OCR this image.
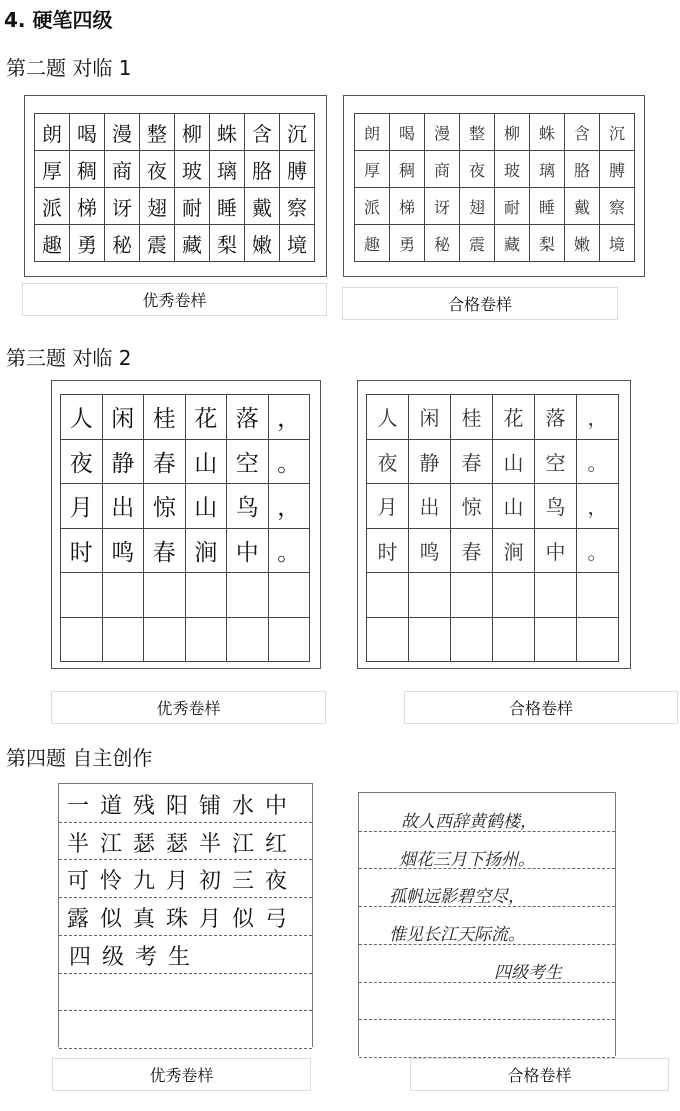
4. 硬笔四级
第二题 对临 1
朗 喝 漫 整 柳 蛛 含 沉
厚 稠 商 夜 玻 璃 胳 膊
派 梯 讶 翅 耐 睡 戴 察
趣 勇 秘 震 藏 梨 嫩 境
朗	喝	漫	整	柳	蛛	含	沉
厚	稠	商	夜	玻	璃	胳	膊
派	梯	讶	翅	耐	睡	戴	察
趣	勇	秘	震	藏	梨	嫩	境
优秀卷样	合格卷样
第三题 对临 2
人 闲 桂 花 落 ，
夜 静 春 山 空 。
月 出 惊 山 鸟 ，
时 鸣 春 涧 中 。
人	闲	桂	花	落	，
夜	静	春	山	空	。
月	出	惊	山	鸟	，
时	鸣	春	涧	中	。
优秀卷样	合格卷样
第四题 自主创作
一道残阳铺水中
半江瑟瑟半江红
可怜九月初三夜
露似真珠月似弓
四级考生
故人西辞黄鹤楼，
烟花三月下扬州。
孤帆远影碧空尽，
惟见长江天际流。
四级考生
优秀卷样	合格卷样
